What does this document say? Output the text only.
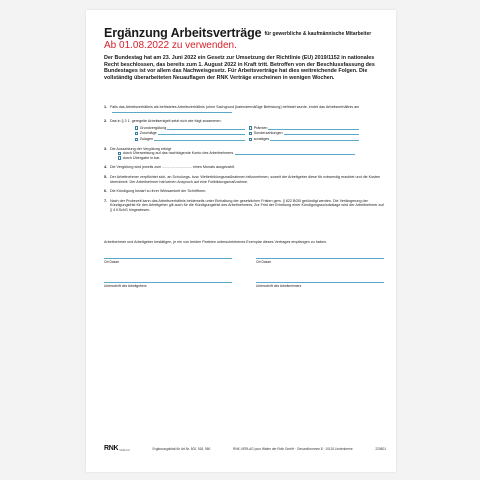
Ergänzung Arbeitsverträge für gewerbliche & kaufmännische Mitarbeiter
Ab 01.08.2022 zu verwenden.
Der Bundestag hat am 23. Juni 2022 ein Gesetz zur Umsetzung der Richtlinie (EU) 2019/1152 in nationales Recht beschlossen, das bereits zum 1. August 2022 in Kraft tritt. Betroffen von der Beschlussfassung des Bundestages ist vor allem das Nachweisgesetz. Für Arbeitsverträge hat dies weitreichende Folgen. Die vollständig überarbeiteten Neuauflagen der RNK Verträge erscheinen in wenigen Wochen.
1. Falls das Arbeitsverhältnis als befristetes Arbeitsverhältnis (ohne Sachgrund (kalendermäßige Befristung) befristet wurde, endet das Arbeitsverhältnis am
2. Das in § 3 1. geregelte Arbeitsentgelt setzt sich wie folgt zusammen:
Grundvergütung	Prämien
Zuschläge	Sonderzahlungen
Zulagen	sonstiges
3. Die Auszahlung der Vergütung erfolgt
durch Überweisung auf das nachfolgende Konto des Arbeitnehmers
durch Übergabe in bar.
4. Die Vergütung wird jeweils zum ............................. eines Monats ausgezahlt.
5. Der Arbeitnehmer verpflichtet sich, an Schulungs- bzw. Weiterbildungsmaßnahmen teilzunehmen, soweit der Arbeitgeber diese für notwendig erachtet und die Kosten übernimmt. Der Arbeitnehmer hat keinen Anspruch auf eine Fortbildungsmaßnahme.
6. Die Kündigung bedarf zu ihrer Wirksamkeit der Schriftform.
7. Nach der Probezeit kann das Arbeitsverhältnis beiderseits unter Einhaltung der gesetzlichen Fristen gem. § 622 BGB gekündigt werden. Die Verlängerung der Kündigungsfrist für den Arbeitgeber gilt auch für die Kündigungsfrist des Arbeitnehmers. Zur Frist der Erhebung einer Kündigungsschutzklage wird der Arbeitnehmer auf § 4 KSchG hingewiesen.
Arbeitnehmer und Arbeitgeber bestätigen, je ein von beiden Parteien unterschriebenes Exemplar dieses Vertrages empfangen zu haben.
Ort Datum	Ort Datum
Unterschrift des Arbeitgebers	Unterschrift des Arbeitnehmers
RNK VERLAG	Ergänzungsblatt für Art.Nr. 502, 518, 560	RNK-VERLAG pour Walter der Roth GmbH · Gesundbrunnen 8 · 10115 Lindenberne	220801
